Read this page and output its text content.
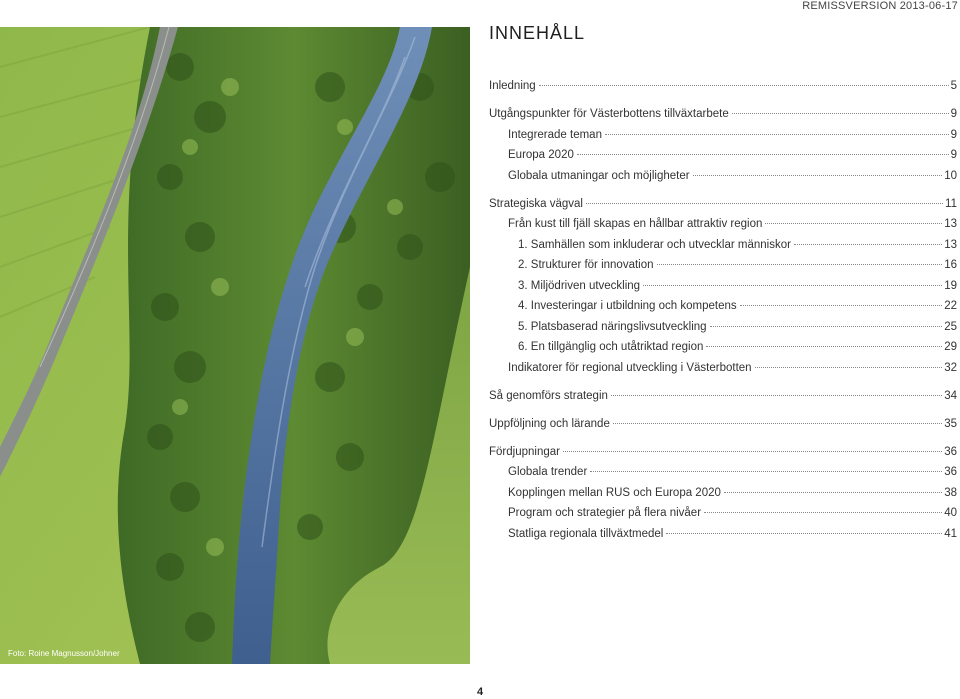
REMISSVERSION 2013-06-17
Foto: Roine Magnusson/Johner
INNEHÅLL
Inledning	5
Utgångspunkter för Västerbottens tillväxtarbete	9
Integrerade teman	9
Europa 2020	9
Globala utmaningar och möjligheter	10
Strategiska vägval	11
Från kust till fjäll skapas en hållbar attraktiv region	13
1. Samhällen som inkluderar och utvecklar människor	13
2. Strukturer för innovation	16
3. Miljödriven utveckling	19
4. Investeringar i utbildning och kompetens	22
5. Platsbaserad näringslivsutveckling	25
6. En tillgänglig och utåtriktad region	29
Indikatorer för regional utveckling i Västerbotten	32
Så genomförs strategin	34
Uppföljning och lärande	35
Fördjupningar	36
Globala trender	36
Kopplingen mellan RUS och Europa 2020	38
Program och strategier på flera nivåer	40
Statliga regionala tillväxtmedel	41
4
